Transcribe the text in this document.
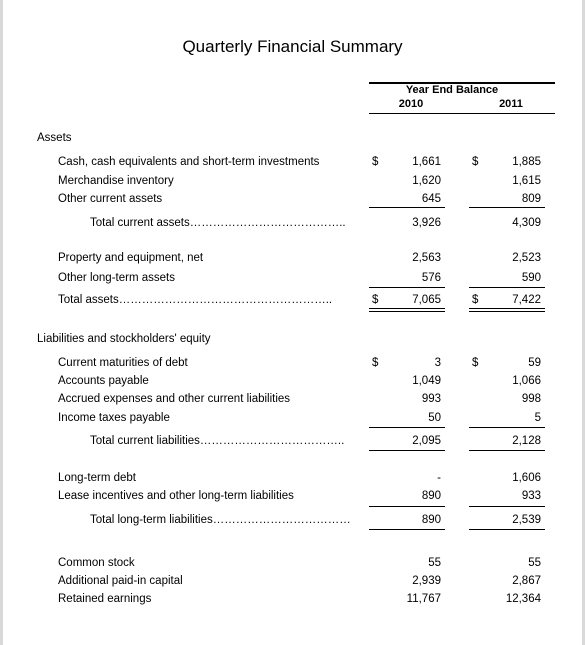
Quarterly Financial Summary
Year End Balance
2010	2011
Assets
Liabilities and stockholders' equity
Cash, cash equivalents and short-term investments	$	1,661	$	1,885
Merchandise inventory	1,620	1,615
Other current assets	645	809
Total current assets…………………………………..	3,926	4,309
Property and equipment, net	2,563	2,523
Other long-term assets	576	590
Total assets………………………………………………..	$	7,065	$	7,422
Current maturities of debt	$	3	$	59
Accounts payable	1,049	1,066
Accrued expenses and other current liabilities	993	998
Income taxes payable	50	5
Total current liabilities………………………………..	2,095	2,128
Long-term debt	-	1,606
Lease incentives and other long-term liabilities	890	933
Total long-term liabilities………………………………	890	2,539
Common stock	55	55
Additional paid-in capital	2,939	2,867
Retained earnings	11,767	12,364
